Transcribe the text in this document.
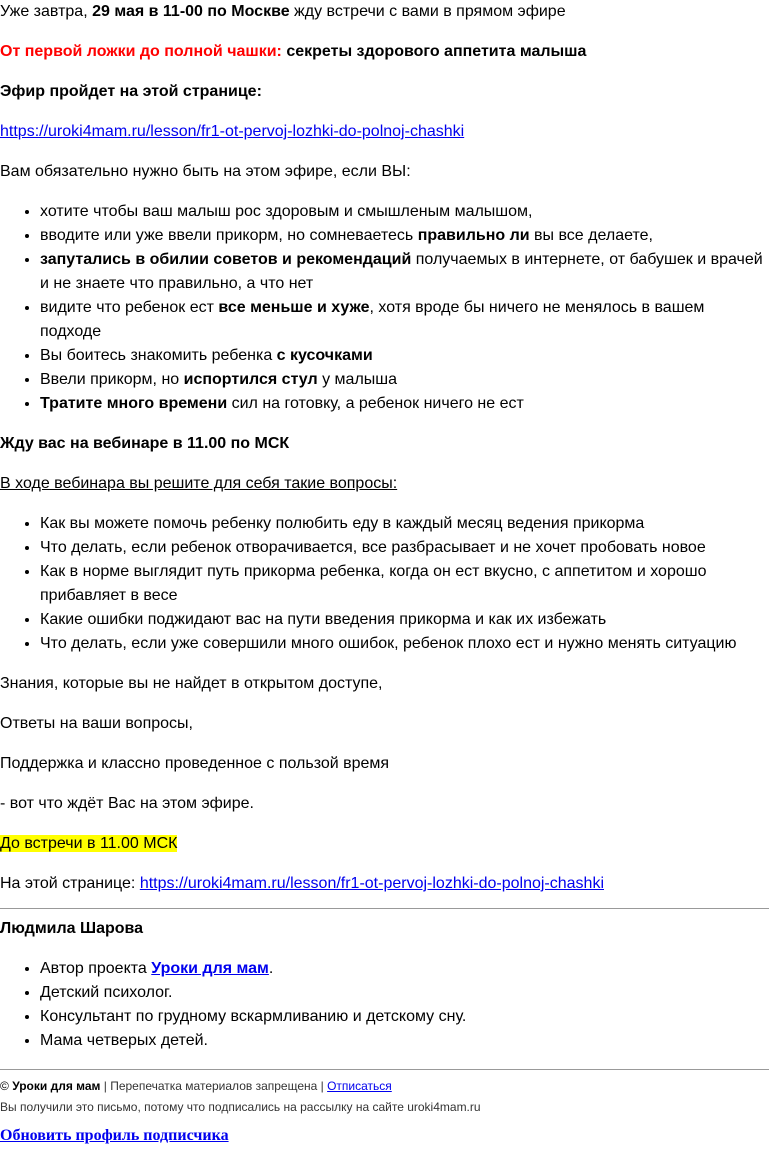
Уже завтра, 29 мая в 11-00 по Москве жду встречи с вами в прямом эфире

От первой ложки до полной чашки: секреты здорового аппетита малыша

Эфир пройдет на этой странице:

https://uroki4mam.ru/lesson/fr1-ot-pervoj-lozhki-do-polnoj-chashki

Вам обязательно нужно быть на этом эфире, если ВЫ:

• хотите чтобы ваш малыш рос здоровым и смышленым малышом,
• вводите или уже ввели прикорм, но сомневаетесь правильно ли вы все делаете,
• запутались в обилии советов и рекомендаций получаемых в интернете, от бабушек и врачей и не знаете что правильно, а что нет
• видите что ребенок ест все меньше и хуже, хотя вроде бы ничего не менялось в вашем подходе
• Вы боитесь знакомить ребенка с кусочками
• Ввели прикорм, но испортился стул у малыша
• Тратите много времени сил на готовку, а ребенок ничего не ест

Жду вас на вебинаре в 11.00 по МСК

В ходе вебинара вы решите для себя такие вопросы:

• Как вы можете помочь ребенку полюбить еду в каждый месяц ведения прикорма
• Что делать, если ребенок отворачивается, все разбрасывает и не хочет пробовать новое
• Как в норме выглядит путь прикорма ребенка, когда он ест вкусно, с аппетитом и хорошо прибавляет в весе
• Какие ошибки поджидают вас на пути введения прикорма и как их избежать
• Что делать, если уже совершили много ошибок, ребенок плохо ест и нужно менять ситуацию

Знания, которые вы не найдет в открытом доступе,

Ответы на ваши вопросы,

Поддержка и классно проведенное с пользой время

- вот что ждёт Вас на этом эфире.

До встречи в 11.00 МСК

На этой странице: https://uroki4mam.ru/lesson/fr1-ot-pervoj-lozhki-do-polnoj-chashki

Людмила Шарова

• Автор проекта Уроки для мам.
• Детский психолог.
• Консультант по грудному вскармливанию и детскому сну.
• Мама четверых детей.

© Уроки для мам | Перепечатка материалов запрещена | Отписаться

Вы получили это письмо, потому что подписались на рассылку на сайте uroki4mam.ru

Обновить профиль подписчика
